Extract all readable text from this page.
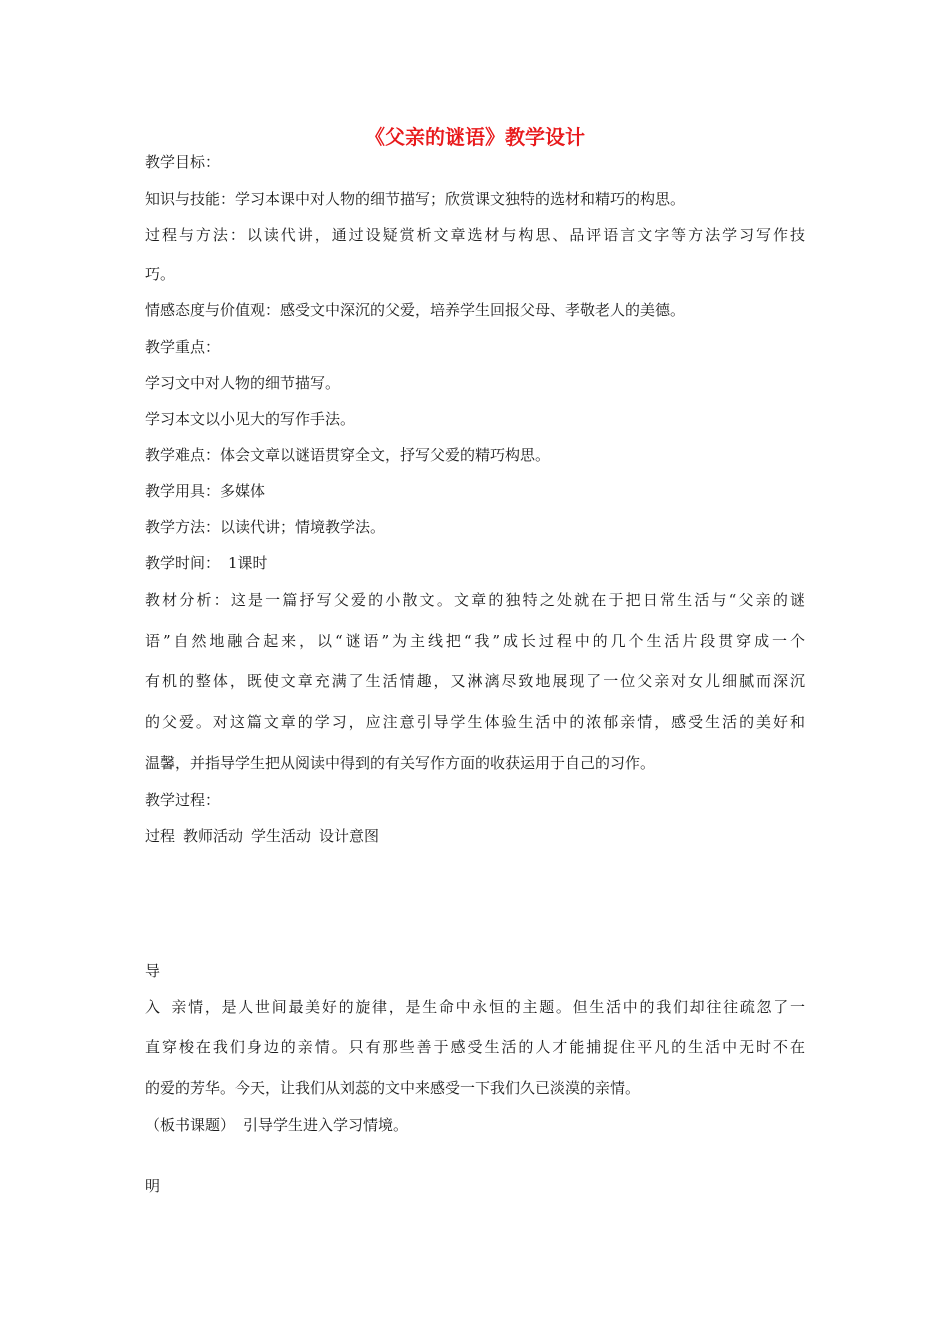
《父亲的谜语》教学设计
教学目标：
知识与技能：学习本课中对人物的细节描写；欣赏课文独特的选材和精巧的构思。
过程与方法：以读代讲，通过设疑赏析文章选材与构思、品评语言文字等方法学习写作技
巧。
情感态度与价值观：感受文中深沉的父爱，培养学生回报父母、孝敬老人的美德。
教学重点：
学习文中对人物的细节描写。
学习本文以小见大的写作手法。
教学难点：体会文章以谜语贯穿全文，抒写父爱的精巧构思。
教学用具：多媒体
教学方法：以读代讲；情境教学法。
教学时间： 1课时
教材分析：这是一篇抒写父爱的小散文。文章的独特之处就在于把日常生活与“父亲的谜
语”自然地融合起来，以“谜语”为主线把“我”成长过程中的几个生活片段贯穿成一个
有机的整体，既使文章充满了生活情趣，又淋漓尽致地展现了一位父亲对女儿细腻而深沉
的父爱。对这篇文章的学习，应注意引导学生体验生活中的浓郁亲情，感受生活的美好和
温馨，并指导学生把从阅读中得到的有关写作方面的收获运用于自己的习作。
教学过程：
过程 教师活动 学生活动 设计意图
导
入 亲情，是人世间最美好的旋律，是生命中永恒的主题。但生活中的我们却往往疏忽了一
直穿梭在我们身边的亲情。只有那些善于感受生活的人才能捕捉住平凡的生活中无时不在
的爱的芳华。今天，让我们从刘蕊的文中来感受一下我们久已淡漠的亲情。
（板书课题） 引导学生进入学习情境。
明
